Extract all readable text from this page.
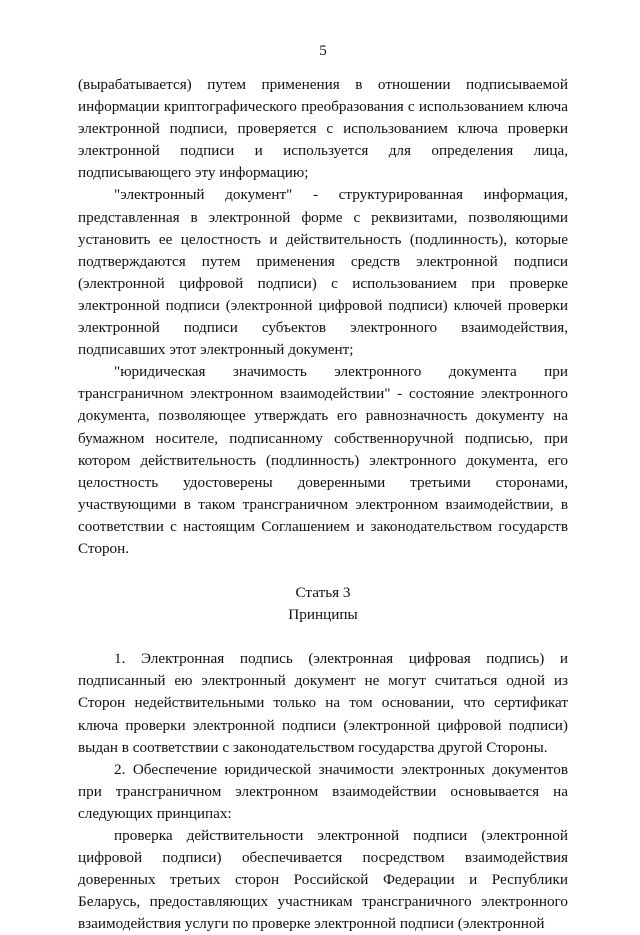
5

(вырабатывается) путем применения в отношении подписываемой информации криптографического преобразования с использованием ключа электронной подписи, проверяется с использованием ключа проверки электронной подписи и используется для определения лица, подписывающего эту информацию;

"электронный документ" - структурированная информация, представленная в электронной форме с реквизитами, позволяющими установить ее целостность и действительность (подлинность), которые подтверждаются путем применения средств электронной подписи (электронной цифровой подписи) с использованием при проверке электронной подписи (электронной цифровой подписи) ключей проверки электронной подписи субъектов электронного взаимодействия, подписавших этот электронный документ;

"юридическая значимость электронного документа при трансграничном электронном взаимодействии" - состояние электронного документа, позволяющее утверждать его равнозначность документу на бумажном носителе, подписанному собственноручной подписью, при котором действительность (подлинность) электронного документа, его целостность удостоверены доверенными третьими сторонами, участвующими в таком трансграничном электронном взаимодействии, в соответствии с настоящим Соглашением и законодательством государств Сторон.

Статья 3

Принципы

1. Электронная подпись (электронная цифровая подпись) и подписанный ею электронный документ не могут считаться одной из Сторон недействительными только на том основании, что сертификат ключа проверки электронной подписи (электронной цифровой подписи) выдан в соответствии с законодательством государства другой Стороны.

2. Обеспечение юридической значимости электронных документов при трансграничном электронном взаимодействии основывается на следующих принципах:

проверка действительности электронной подписи (электронной цифровой подписи) обеспечивается посредством взаимодействия доверенных третьих сторон Российской Федерации и Республики Беларусь, предоставляющих участникам трансграничного электронного взаимодействия услуги по проверке электронной подписи (электронной
